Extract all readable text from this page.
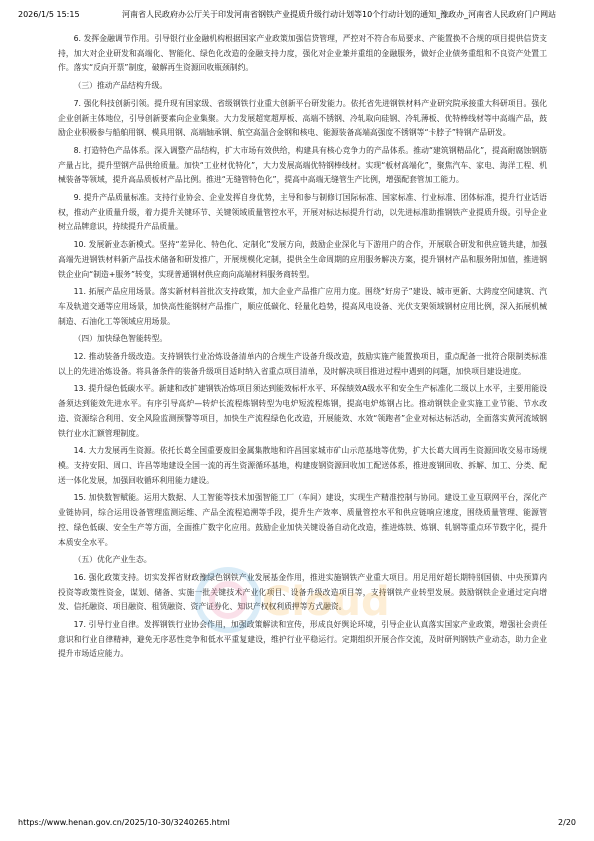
2026/1/5 15:15	河南省人民政府办公厅关于印发河南省钢铁产业提质升级行动计划等10个行动计划的通知_豫政办_河南省人民政府门户网站

6. 发挥金融调节作用。引导银行业金融机构根据国家产业政策加强信贷管理，严控对不符合布局要求、产能置换不合规的项目提供信贷支持，加大对企业研发和高端化、智能化、绿色化改造的金融支持力度，强化对企业兼并重组的金融服务，做好企业债务重组和不良资产处置工作。落实“反向开票”制度，破解再生资源回收瓶颈制约。

（三）推动产品结构升级。

7. 强化科技创新引领。提升现有国家级、省级钢铁行业重大创新平台研发能力。依托省先进钢铁材料产业研究院承接重大科研项目。强化企业创新主体地位，引导创新要素向企业集聚。大力发展超宽超厚板、高端不锈钢、冷轧取向硅钢、冷轧薄板、优特棒线材等中高端产品，鼓励企业积极参与船舶用钢、模具用钢、高端轴承钢、航空高温合金钢和核电、能源装备高端高强度不锈钢等“卡脖子”特钢产品研发。

8. 打造特色产品体系。深入调整产品结构，扩大市场有效供给，构建具有核心竞争力的产品体系。推动“建筑钢精品化”，提高耐腐蚀钢筋产量占比，提升型钢产品供给质量。加快“工业材优特化”，大力发展高端优特钢棒线材。实现“板材高端化”，聚焦汽车、家电、海洋工程、机械装备等领域，提升高品质板材产品比例。推进“无缝管特色化”，提高中高端无缝管生产比例，增强配套管加工能力。

9. 提升产品质量标准。支持行业协会、企业发挥自身优势，主导和参与制修订国际标准、国家标准、行业标准、团体标准，提升行业话语权，推动产业质量升级，着力提升关键环节、关键领域质量管控水平，开展对标达标提升行动，以先进标准助推钢铁产业提质升级。引导企业树立品牌意识，持续提升产品质量。

10. 发展新业态新模式。坚持“差异化、特色化、定制化”发展方向，鼓励企业深化与下游用户的合作，开展联合研发和供应链共建，加强高端先进钢铁材料新产品技术储备和研发推广，开展规模化定制，提供全生命周期的应用服务解决方案，提升钢材产品和服务附加值，推进钢铁企业向“制造+服务”转变，实现普通钢材供应商向高端材料服务商转型。

11. 拓展产品应用场景。落实新材料首批次支持政策，加大企业产品推广应用力度。围绕“好房子”建设、城市更新、大跨度空间建筑、汽车及轨道交通等应用场景，加快高性能钢材产品推广，顺应低碳化、轻量化趋势，提高风电设备、光伏支架领域钢材应用比例，深入拓展机械制造、石油化工等领域应用场景。

（四）加快绿色智能转型。

12. 推动装备升级改造。支持钢铁行业冶炼设备清单内的合规生产设备升级改造，鼓励实施产能置换项目，重点配备一批符合限制类标准以上的先进冶炼设备。将具备条件的装备升级项目适时纳入省重点项目清单，及时解决项目推进过程中遇到的问题，加快项目建设进度。

13. 提升绿色低碳水平。新建和改扩建钢铁冶炼项目须达到能效标杆水平、环保绩效A级水平和安全生产标准化二级以上水平，主要用能设备须达到能效先进水平。有序引导高炉—转炉长流程炼钢转型为电炉短流程炼钢，提高电炉炼钢占比。推动钢铁企业实施工业节能、节水改造、资源综合利用、安全风险监测预警等项目，加快生产流程绿色化改造，开展能效、水效“领跑者”企业对标达标活动，全面落实黄河流域钢铁行业水汇额管理制度。

14. 大力发展再生资源。依托长葛全国重要废旧金属集散地和许昌国家城市矿山示范基地等优势，扩大长葛大周再生资源回收交易市场规模。支持安阳、周口、许昌等地建设全国一流的再生资源循环基地，构建废钢资源回收加工配送体系，推进废钢回收、拆解、加工、分类、配送一体化发展，加强回收循环利用能力建设。

15. 加快数智赋能。运用大数据、人工智能等技术加强智能工厂（车间）建设，实现生产精准控制与协同。建设工业互联网平台，深化产业链协同，综合运用设备管理监测运维、产品全流程追溯等手段，提升生产效率、质量管控水平和供应链响应速度，围绕质量管理、能源管控、绿色低碳、安全生产等方面，全面推广数字化应用。鼓励企业加快关键设备自动化改造，推进炼铁、炼钢、轧钢等重点环节数字化，提升本质安全水平。

（五）优化产业生态。

16. 强化政策支持。切实发挥省财政豫绿色钢铁产业发展基金作用，推进实施钢铁产业重大项目。用足用好超长期特别国债、中央预算内投资等政策性资金，谋划、储备、实施一批关键技术产业化项目、设备升级改造项目等，支持钢铁产业转型发展。鼓励钢铁企业通过定向增发、信托融资、项目融资、租赁融资、资产证券化、知识产权权利质押等方式融资。

17. 引导行业自律。发挥钢铁行业协会作用，加强政策解读和宣传，形成良好舆论环境，引导企业认真落实国家产业政策，增强社会责任意识和行业自律精神，避免无序恶性竞争和低水平重复建设，维护行业平稳运行。定期组织开展合作交流，及时研判钢铁产业动态，助力企业提升市场适应能力。

Cloud
https://www.henan.gov.cn/2025/10-30/3240265.html	2/20
